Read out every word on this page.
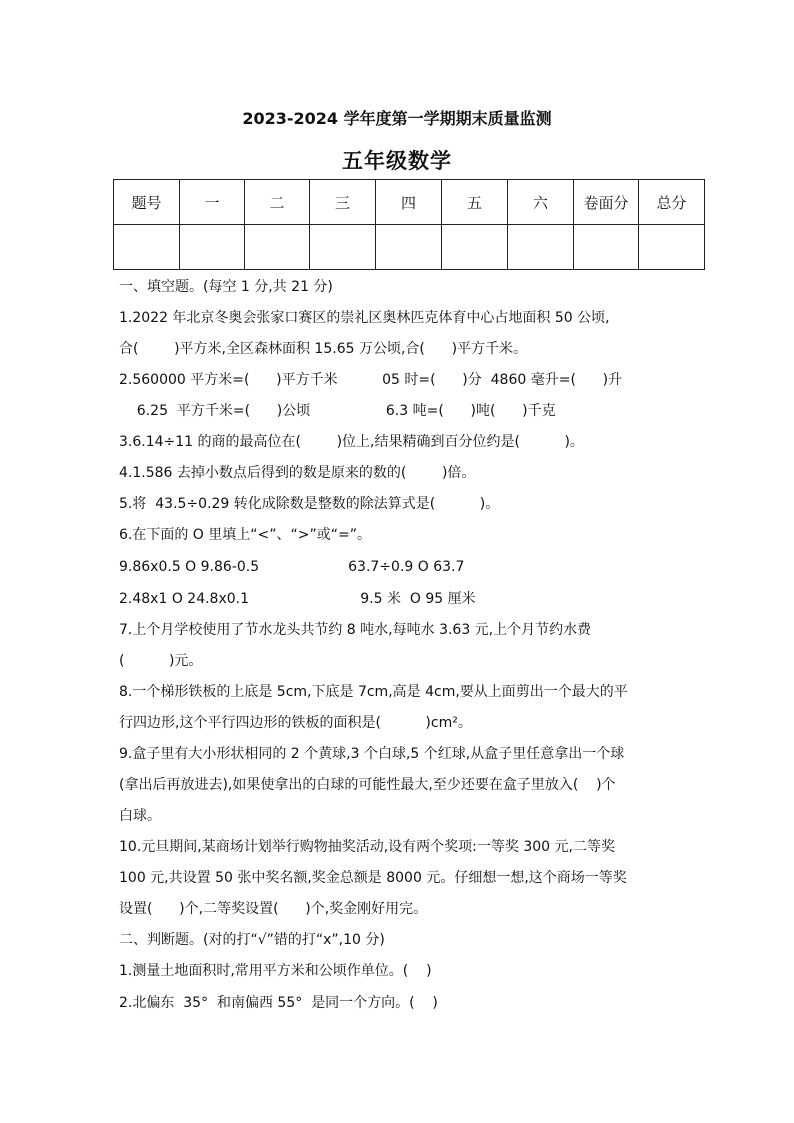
2023-2024 学年度第一学期期末质量监测
五年级数学
题号	一	二	三	四	五	六	卷面分	总分

一、填空题。(每空 1 分,共 21 分)
1.2022 年北京冬奥会张家口赛区的崇礼区奥林匹克体育中心占地面积 50 公顷,
合(        )平方米,全区森林面积 15.65 万公顷,合(      )平方千米。
2.560000 平方米=(      )平方千米          05 时=(      )分  4860 毫升=(      )升
6.25  平方千米=(      )公顷                 6.3 吨=(      )吨(      )千克
3.6.14÷11 的商的最高位在(        )位上,结果精确到百分位约是(          )。
4.1.586 去掉小数点后得到的数是原来的数的(        )倍。
5.将  43.5÷0.29 转化成除数是整数的除法算式是(          )。
6.在下面的 O 里填上“<”、“>”或“=”。
9.86x0.5 O 9.86-0.5                    63.7÷0.9 O 63.7
2.48x1 O 24.8x0.1                         9.5 米  O 95 厘米
7.上个月学校使用了节水龙头共节约 8 吨水,每吨水 3.63 元,上个月节约水费
(          )元。
8.一个梯形铁板的上底是 5cm,下底是 7cm,高是 4cm,要从上面剪出一个最大的平
行四边形,这个平行四边形的铁板的面积是(          )cm²。
9.盒子里有大小形状相同的 2 个黄球,3 个白球,5 个红球,从盒子里任意拿出一个球
(拿出后再放进去),如果使拿出的白球的可能性最大,至少还要在盒子里放入(    )个
白球。
10.元旦期间,某商场计划举行购物抽奖活动,设有两个奖项:一等奖 300 元,二等奖
100 元,共设置 50 张中奖名额,奖金总额是 8000 元。仔细想一想,这个商场一等奖
设置(      )个,二等奖设置(      )个,奖金刚好用完。
二、判断题。(对的打“√”错的打“x”,10 分)
1.测量土地面积时,常用平方米和公顷作单位。(    )
2.北偏东  35°  和南偏西 55°  是同一个方向。(    )
